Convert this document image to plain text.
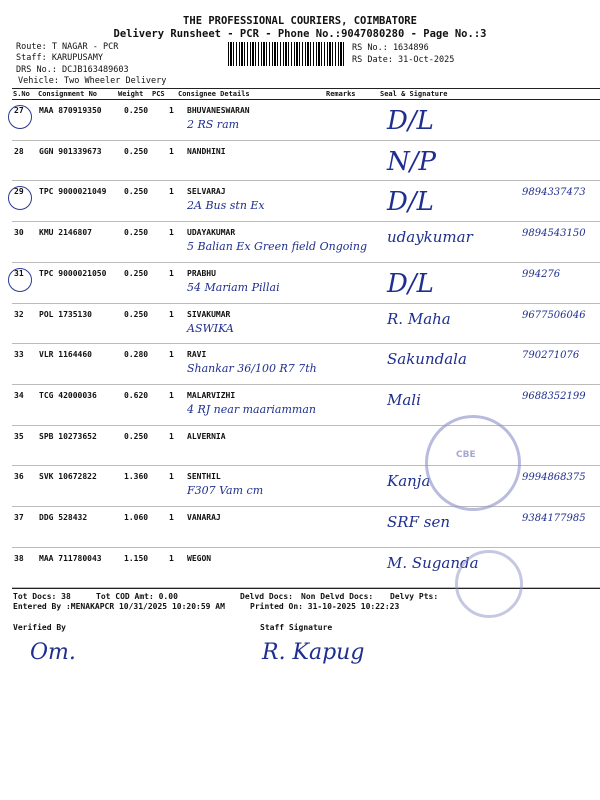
THE PROFESSIONAL COURIERS, COIMBATORE
Delivery Runsheet - PCR - Phone No.:9047080280 - Page No.:3
Route: T NAGAR - PCR
Staff: KARUPUSAMY
DRS No.: DCJB163489603
Vehicle: Two Wheeler Delivery
RS No.: 1634896
RS Date: 31-Oct-2025
S.No Consignment No	Weight PCS Consignee Details	Remarks	Seal & Signature
27 MAA 870919350	0.250	1 BHUVANESWARAN
2 RS ram	D/L
28 GGN 901339673	0.250	1 NANDHINI	N/P
29 TPC 9000021049 0.250	1 SELVARAJ
2A Bus stn Ex	D/L	9894337473
30 KMU 2146807	0.250	1 UDAYAKUMAR
5 Balian Ex Green field Ongoing
udaykumar	9894543150
31 TPC 9000021050 0.250	1 PRABHU
54 Mariam Pillai	D/L	994276
32 POL 1735130	0.250	1 SIVAKUMAR
ASWIKA
R. Maha	9677506046
33 VLR 1164460	0.280	1 RAVI
Shankar 36/100 R7 7th
Sakundala	790271076
34 TCG 42000036	0.620	1 MALARVIZHI
4 RJ near maariamman
Mali	9688352199
35 SPB 10273652	0.250	1 ALVERNIA
36 SVK 10672822	1.360	1 SENTHIL
F307 Vam cm
Kanja	9994868375
37 DDG 528432	1.060	1 VANARAJ	SRF sen	9384177985
38 MAA 711780043	1.150	1 WEGON	M. Suganda
CBE
Tot Docs: 38	Tot COD Amt: 0.00	Delvd Docs: Non Delvd Docs: Delvy Pts:
Entered By :MENAKAPCR 10/31/2025 10:20:59 AM	Printed On: 31-10-2025 10:22:23
Verified By	Staff Signature
Om.	R. Kapug
